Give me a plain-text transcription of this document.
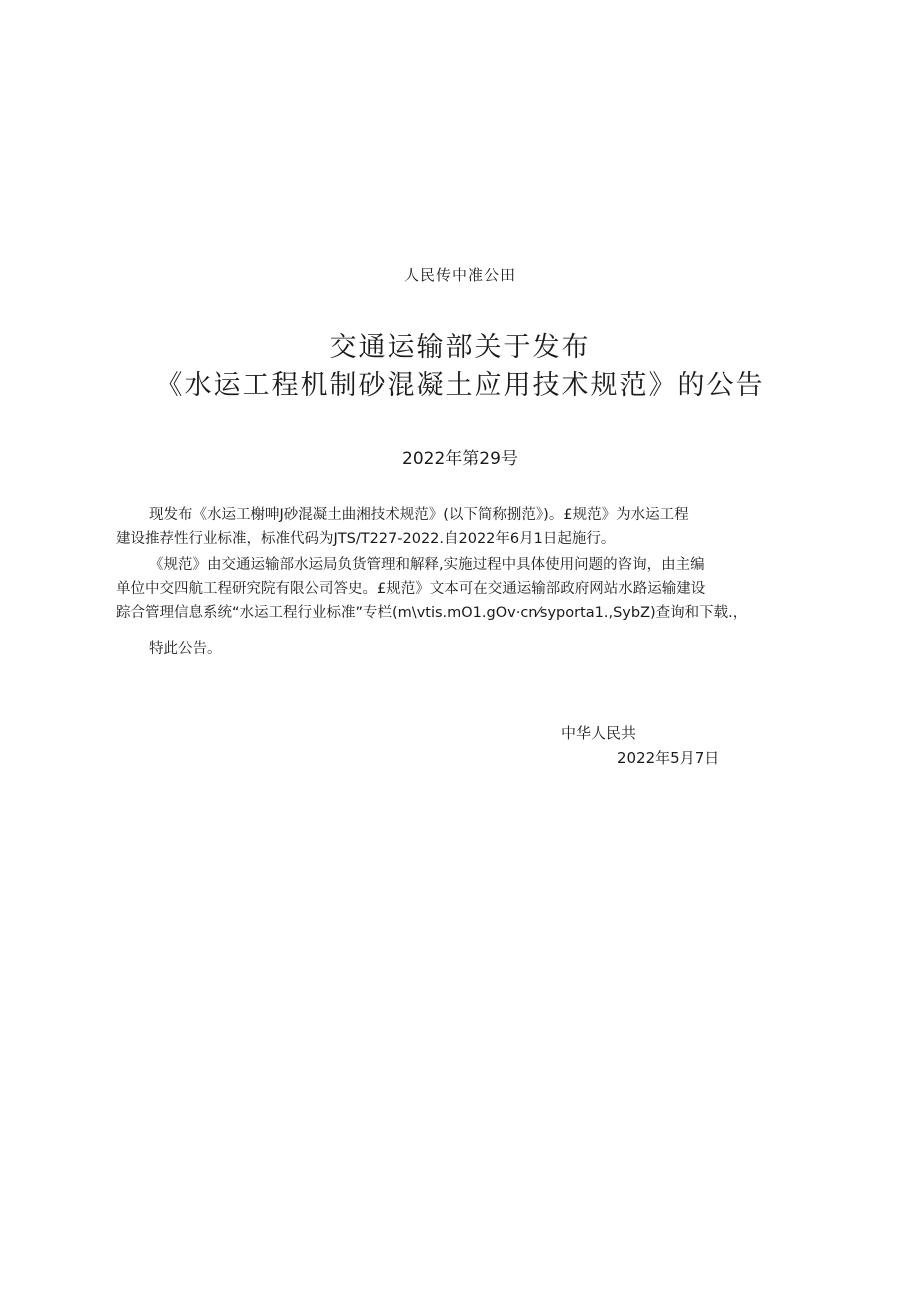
人民传中准公田
交通运输部关于发布
《水运工程机制砂混凝土应用技术规范》的公告
2022年第29号

现发布《水运工榭呻J砂混凝土曲湘技术规范》(以下简称捌范》)。£规范》为水运工程
建设推荐性行业标准，标准代码为JTS/T227-2022.自2022年6月1日起施行。

《规范》由交通运输部水运局负货管理和解释,实施过程中具体使用问题的咨询，由主编
单位中交四航工程研究院有限公司答史。£规范》文本可在交通运输部政府网站水路运输建设
踪合管理信息系统“水运工程行业标准”专栏(m\vtis.mO1.gOv·cn⁄syporta1.,SybZ)查询和下载.，

特此公告。

中华人民共
2022年5月7日
